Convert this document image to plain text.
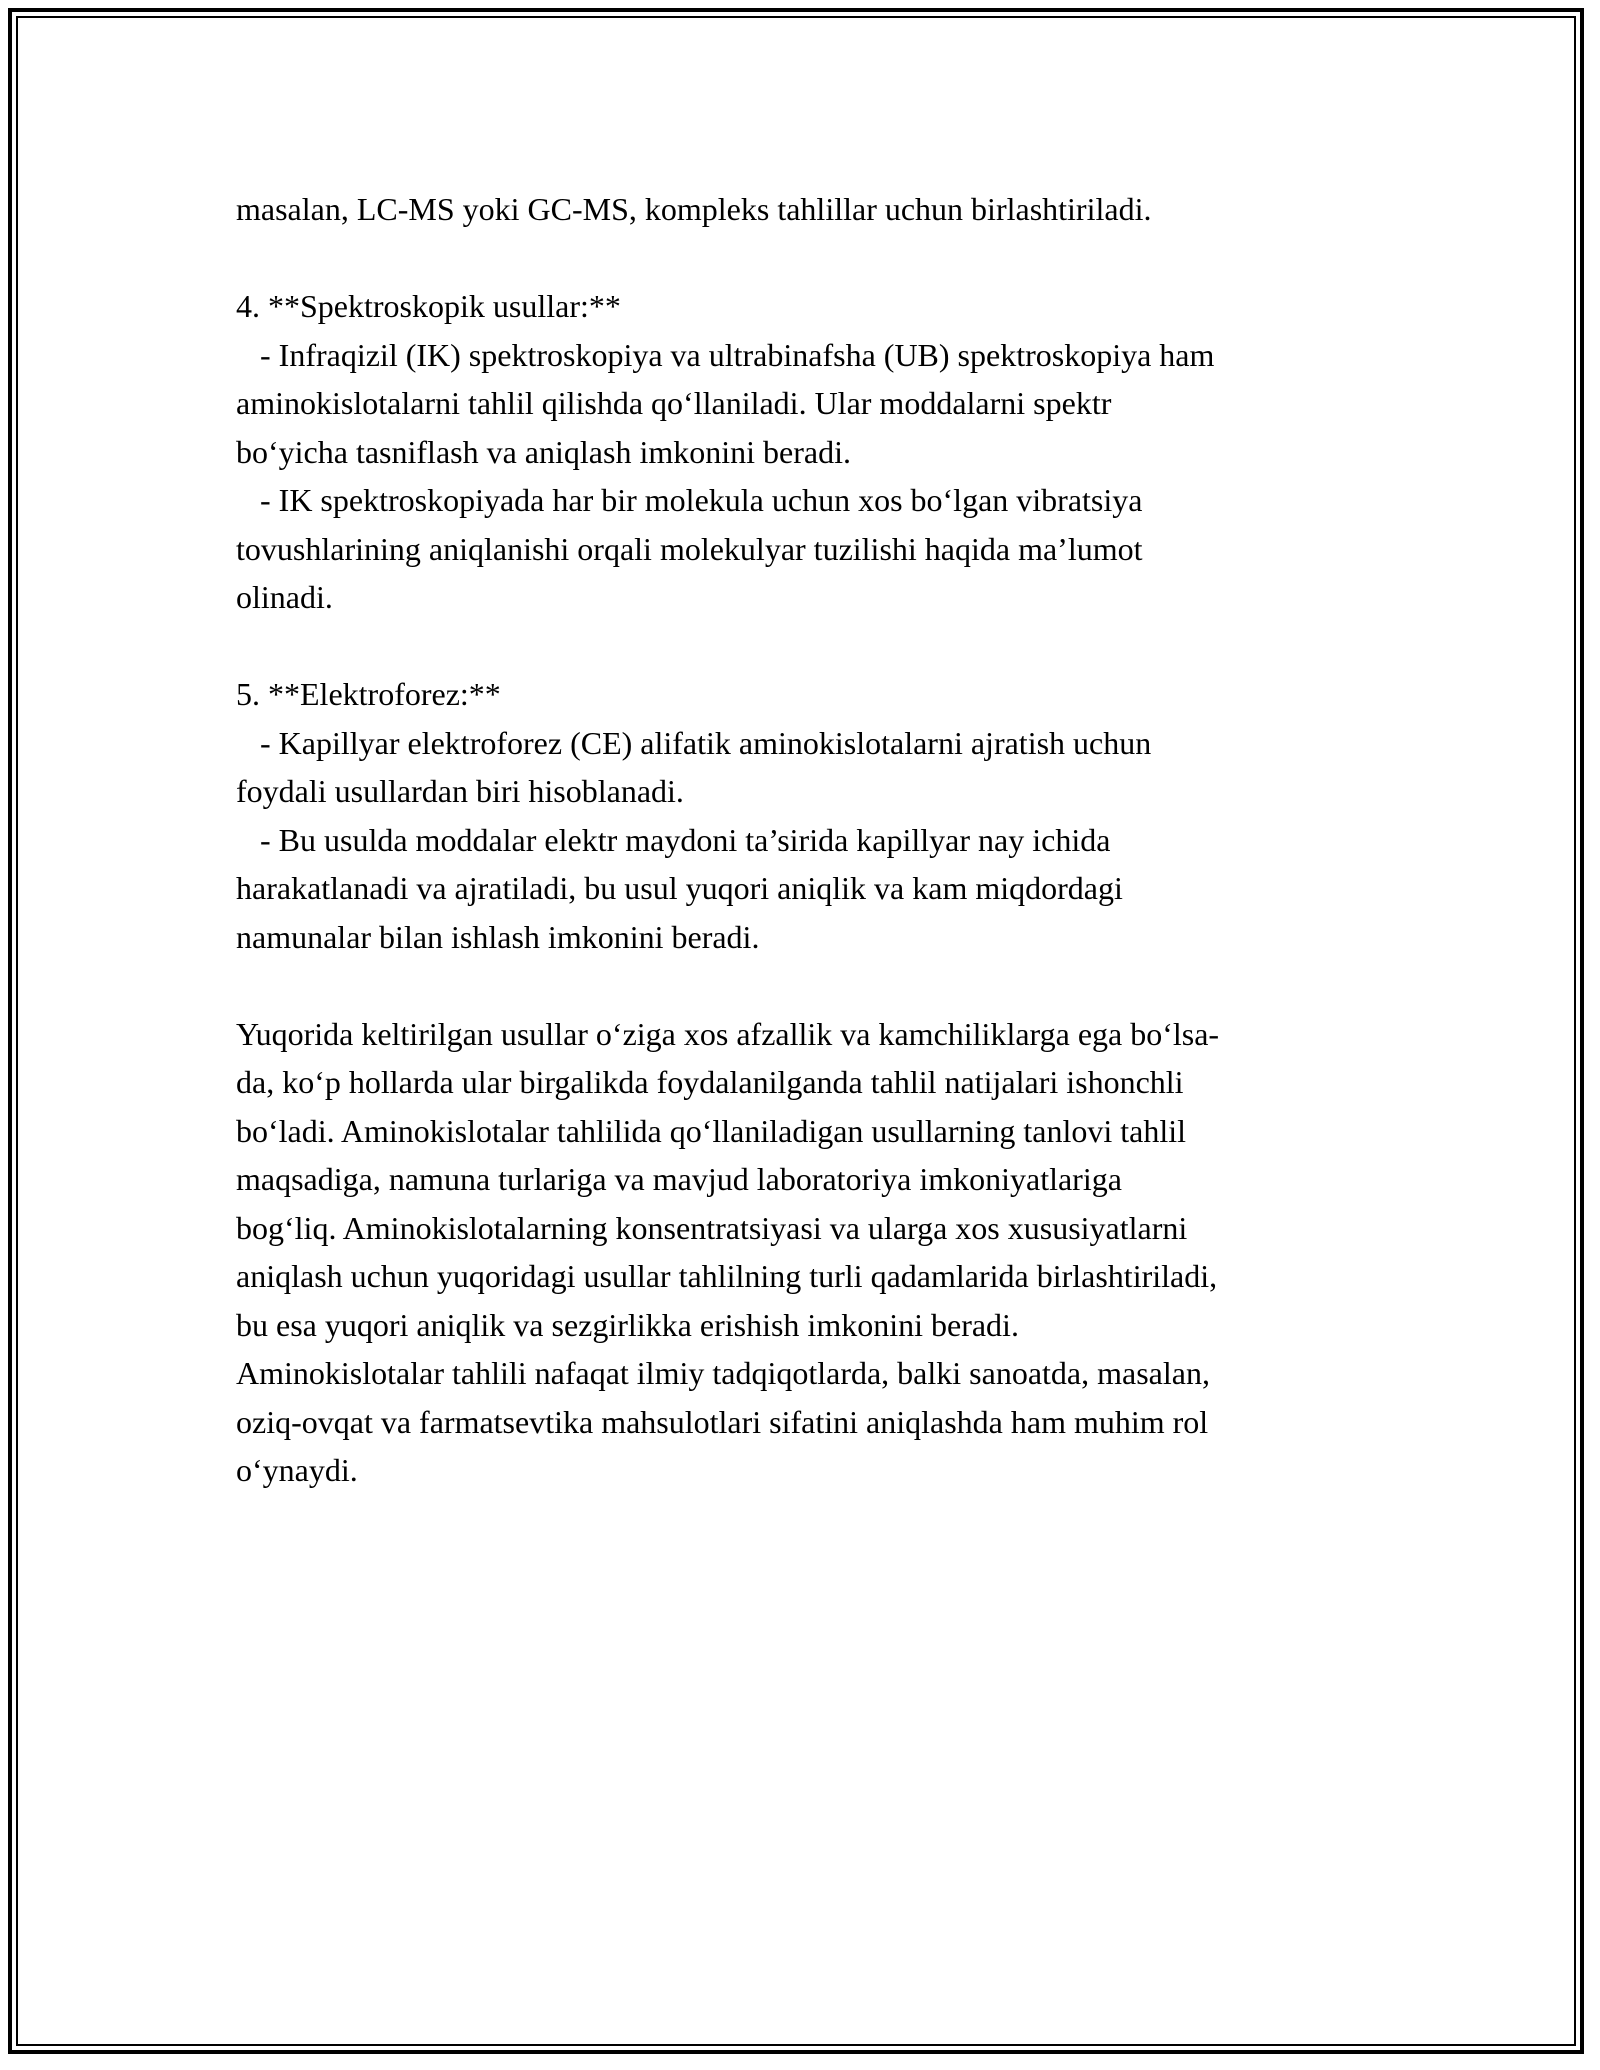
masalan, LC-MS yoki GC-MS, kompleks tahlillar uchun birlashtiriladi.
4. **Spektroskopik usullar:**
- Infraqizil (IK) spektroskopiya va ultrabinafsha (UB) spektroskopiya ham
aminokislotalarni tahlil qilishda qo‘llaniladi. Ular moddalarni spektr
bo‘yicha tasniflash va aniqlash imkonini beradi.
- IK spektroskopiyada har bir molekula uchun xos bo‘lgan vibratsiya
tovushlarining aniqlanishi orqali molekulyar tuzilishi haqida ma’lumot
olinadi.
5. **Elektroforez:**
- Kapillyar elektroforez (CE) alifatik aminokislotalarni ajratish uchun
foydali usullardan biri hisoblanadi.
- Bu usulda moddalar elektr maydoni ta’sirida kapillyar nay ichida
harakatlanadi va ajratiladi, bu usul yuqori aniqlik va kam miqdordagi
namunalar bilan ishlash imkonini beradi.
Yuqorida keltirilgan usullar o‘ziga xos afzallik va kamchiliklarga ega bo‘lsa-
da, ko‘p hollarda ular birgalikda foydalanilganda tahlil natijalari ishonchli
bo‘ladi. Aminokislotalar tahlilida qo‘llaniladigan usullarning tanlovi tahlil
maqsadiga, namuna turlariga va mavjud laboratoriya imkoniyatlariga
bog‘liq. Aminokislotalarning konsentratsiyasi va ularga xos xususiyatlarni
aniqlash uchun yuqoridagi usullar tahlilning turli qadamlarida birlashtiriladi,
bu esa yuqori aniqlik va sezgirlikka erishish imkonini beradi.
Aminokislotalar tahlili nafaqat ilmiy tadqiqotlarda, balki sanoatda, masalan,
oziq-ovqat va farmatsevtika mahsulotlari sifatini aniqlashda ham muhim rol
o‘ynaydi.
